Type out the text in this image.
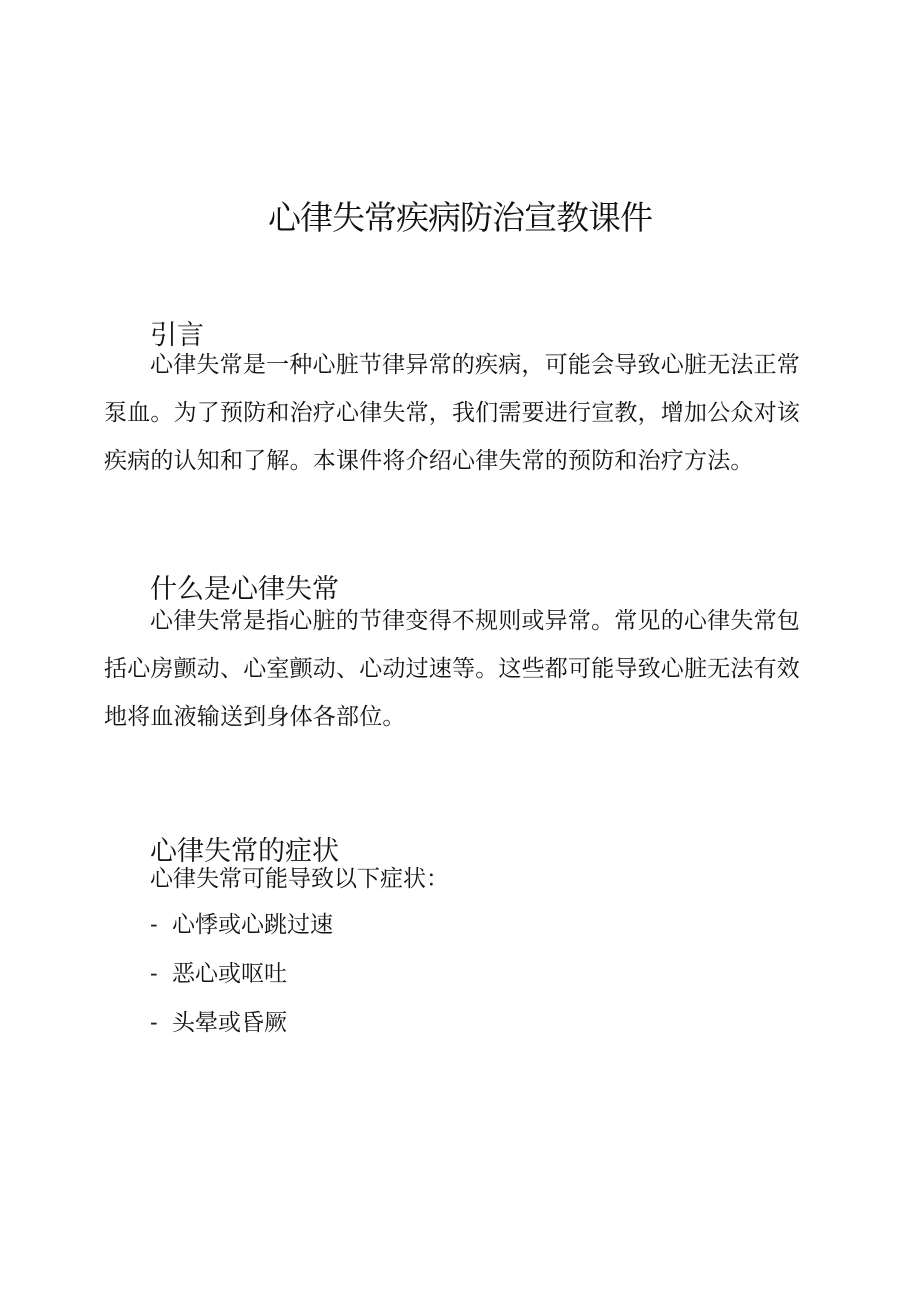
心律失常疾病防治宣教课件
引言

心律失常是一种心脏节律异常的疾病，可能会导致心脏无法正常泵血。为了预防和治疗心律失常，我们需要进行宣教，增加公众对该疾病的认知和了解。本课件将介绍心律失常的预防和治疗方法。

什么是心律失常

心律失常是指心脏的节律变得不规则或异常。常见的心律失常包括心房颤动、心室颤动、心动过速等。这些都可能导致心脏无法有效地将血液输送到身体各部位。

心律失常的症状
心律失常可能导致以下症状：
- 心悸或心跳过速
- 恶心或呕吐
- 头晕或昏厥
